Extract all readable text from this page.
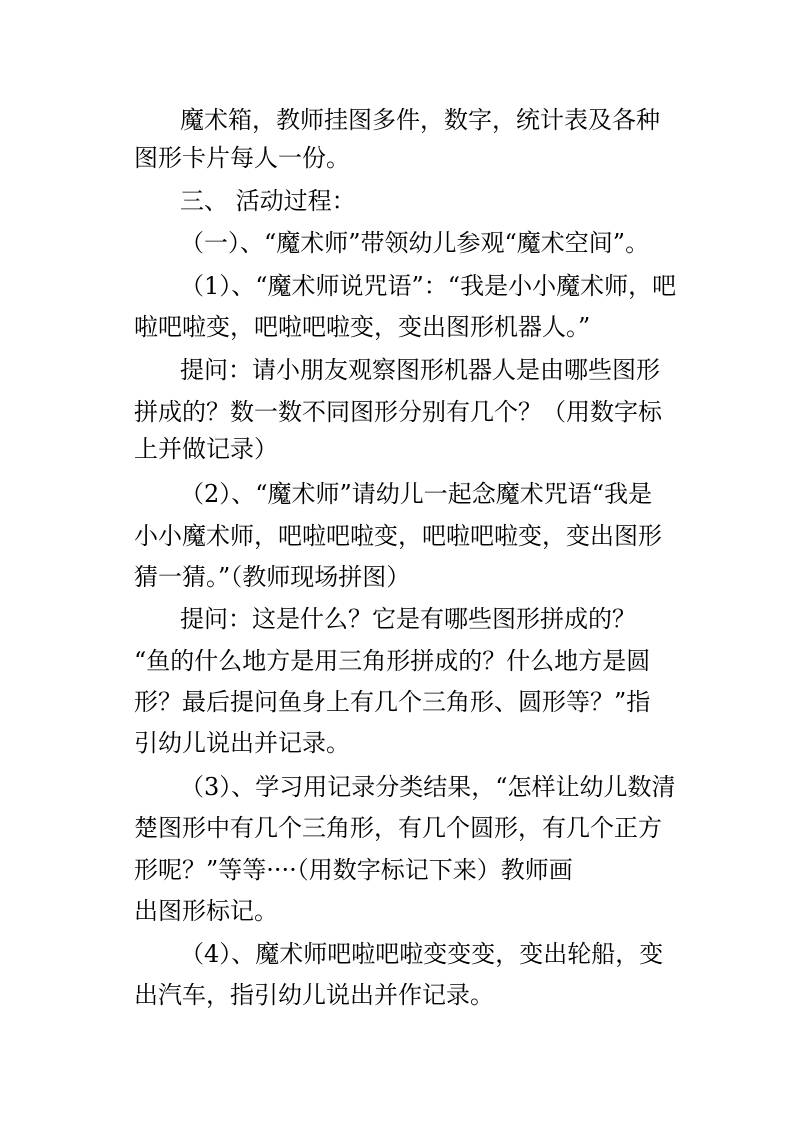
魔术箱，教师挂图多件，数字，统计表及各种
图形卡片每人一份。
三、 活动过程：
（一）、“魔术师”带领幼儿参观“魔术空间”。
（1）、“魔术师说咒语”：“我是小小魔术师，吧
啦吧啦变，吧啦吧啦变，变出图形机器人。”
提问：请小朋友观察图形机器人是由哪些图形
拼成的？数一数不同图形分别有几个？（用数字标
上并做记录）
（2）、“魔术师”请幼儿一起念魔术咒语“我是
小小魔术师，吧啦吧啦变，吧啦吧啦变，变出图形
猜一猜。”（教师现场拼图）
提问：这是什么？它是有哪些图形拼成的？
“鱼的什么地方是用三角形拼成的？什么地方是圆
形？最后提问鱼身上有几个三角形、圆形等？”指
引幼儿说出并记录。
（3）、学习用记录分类结果，“怎样让幼儿数清
楚图形中有几个三角形，有几个圆形，有几个正方
形呢？”等等····（用数字标记下来）教师画
出图形标记。
（4）、魔术师吧啦吧啦变变变，变出轮船，变
出汽车，指引幼儿说出并作记录。
